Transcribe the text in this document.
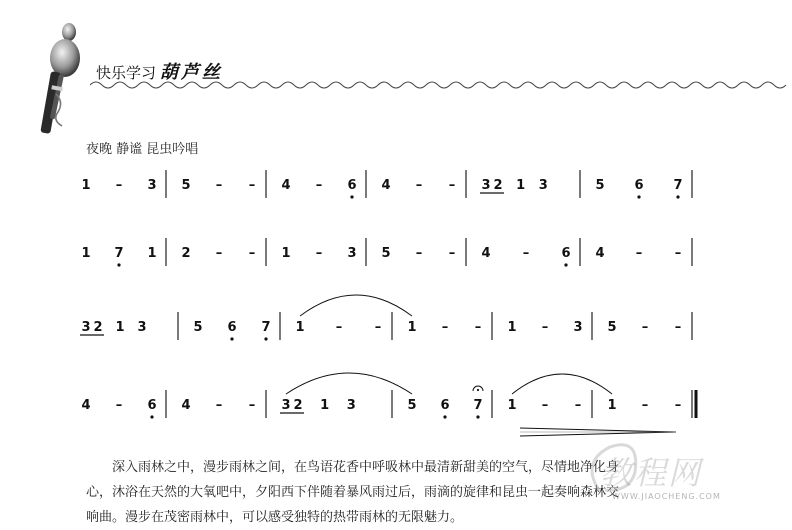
快乐学习 葫芦丝
夜晚 静谧 昆虫吟唱
1 – 3 5 – – 4 – 6 4 – – 3 2 1 3	5 6 7
1 7 1 2 – – 1 – 3 5 – – 4 – 6 4 –	–
3 2 1 3	5 6 7 1 –	– 1 – – 1 – 3 5 – –
4 – 6 4 – – 3 2 1 3	5 6 7 1 – – 1 – –

深入雨林之中，漫步雨林之间，在鸟语花香中呼吸林中最清新甜美的空气，尽情地净化身

心，沐浴在天然的大氧吧中，夕阳西下伴随着暴风雨过后，雨滴的旋律和昆虫一起奏响森林交

响曲。漫步在茂密雨林中，可以感受独特的热带雨林的无限魅力。

教程网
WWW.JIAOCHENG.COM
